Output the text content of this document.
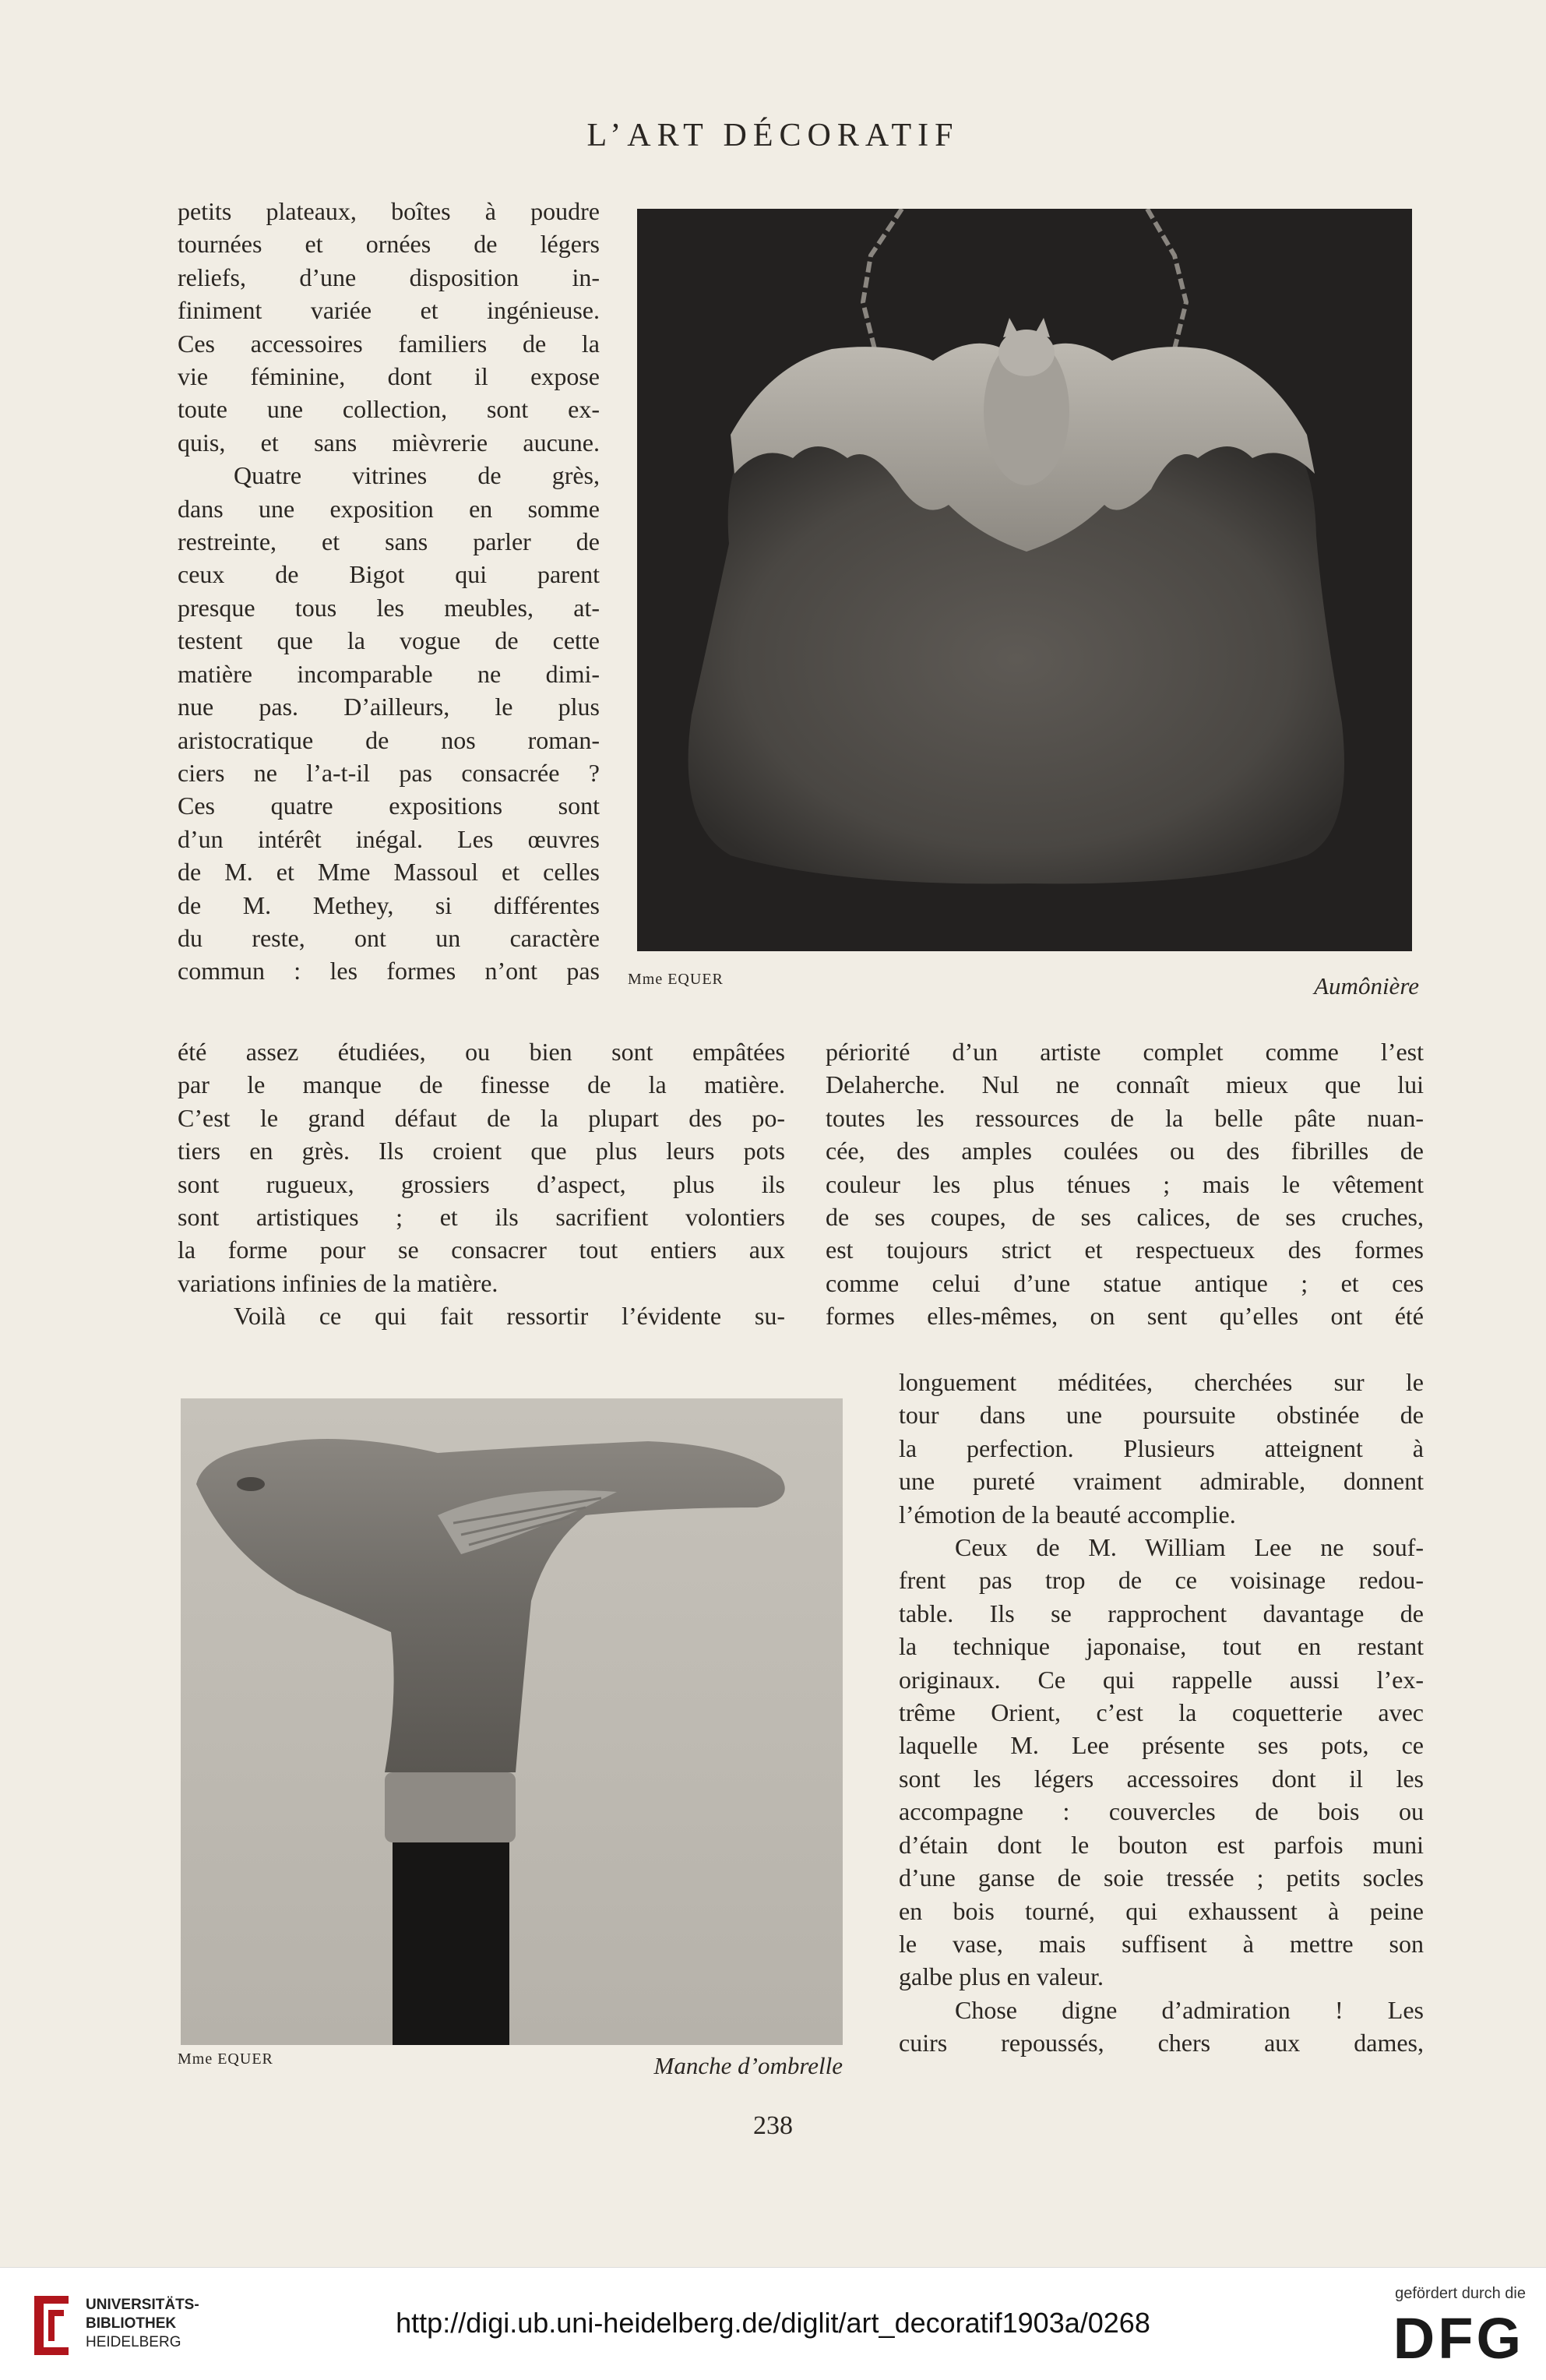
L’ART DÉCORATIF

petits plateaux, boîtes à poudre

tournées et ornées de légers

reliefs, d’une disposition in-

finiment variée et ingénieuse.

Ces accessoires familiers de la

vie féminine, dont il expose

toute une collection, sont ex-

quis, et sans mièvrerie aucune.

Quatre vitrines de grès,

dans une exposition en somme

restreinte, et sans parler de

ceux de Bigot qui parent

presque tous les meubles, at-

testent que la vogue de cette

matière incomparable ne dimi-

nue pas. D’ailleurs, le plus

aristocratique de nos roman-

ciers ne l’a-t-il pas consacrée ?

Ces quatre expositions sont

d’un intérêt inégal. Les œuvres

de M. et Mme Massoul et celles

de M. Methey, si différentes

du reste, ont un caractère

commun : les formes n’ont pas Mme EQUER	Aumônière

été assez étudiées, ou bien sont empâtées

par le manque de finesse de la matière.

C’est le grand défaut de la plupart des po-

tiers en grès. Ils croient que plus leurs pots

sont rugueux, grossiers d’aspect, plus ils

sont artistiques ; et ils sacrifient volontiers

la forme pour se consacrer tout entiers aux

variations infinies de la matière.

Voilà ce qui fait ressortir l’évidente su-

périorité d’un artiste complet comme l’est

Delaherche. Nul ne connaît mieux que lui

toutes les ressources de la belle pâte nuan-

cée, des amples coulées ou des fibrilles de

couleur les plus ténues ; mais le vêtement

de ses coupes, de ses calices, de ses cruches,

est toujours strict et respectueux des formes

comme celui d’une statue antique ; et ces

formes elles-mêmes, on sent qu’elles ont été

Mme EQUER	Manche d’ombrelle

longuement méditées, cherchées sur le

tour dans une poursuite obstinée de

la perfection. Plusieurs atteignent à

une pureté vraiment admirable, donnent

l’émotion de la beauté accomplie.

Ceux de M. William Lee ne souf-

frent pas trop de ce voisinage redou-

table. Ils se rapprochent davantage de

la technique japonaise, tout en restant

originaux. Ce qui rappelle aussi l’ex-

trême Orient, c’est la coquetterie avec

laquelle M. Lee présente ses pots, ce

sont les légers accessoires dont il les

accompagne : couvercles de bois ou

d’étain dont le bouton est parfois muni

d’une ganse de soie tressée ; petits socles

en bois tourné, qui exhaussent à peine

le vase, mais suffisent à mettre son

galbe plus en valeur.

Chose digne d’admiration ! Les

cuirs repoussés, chers aux dames,

238
UNIVERSITÄTS-
BIBLIOTHEK
HEIDELBERG
http://digi.ub.uni-heidelberg.de/diglit/art_decoratif1903a/0268
gefördert durch die
DFG
